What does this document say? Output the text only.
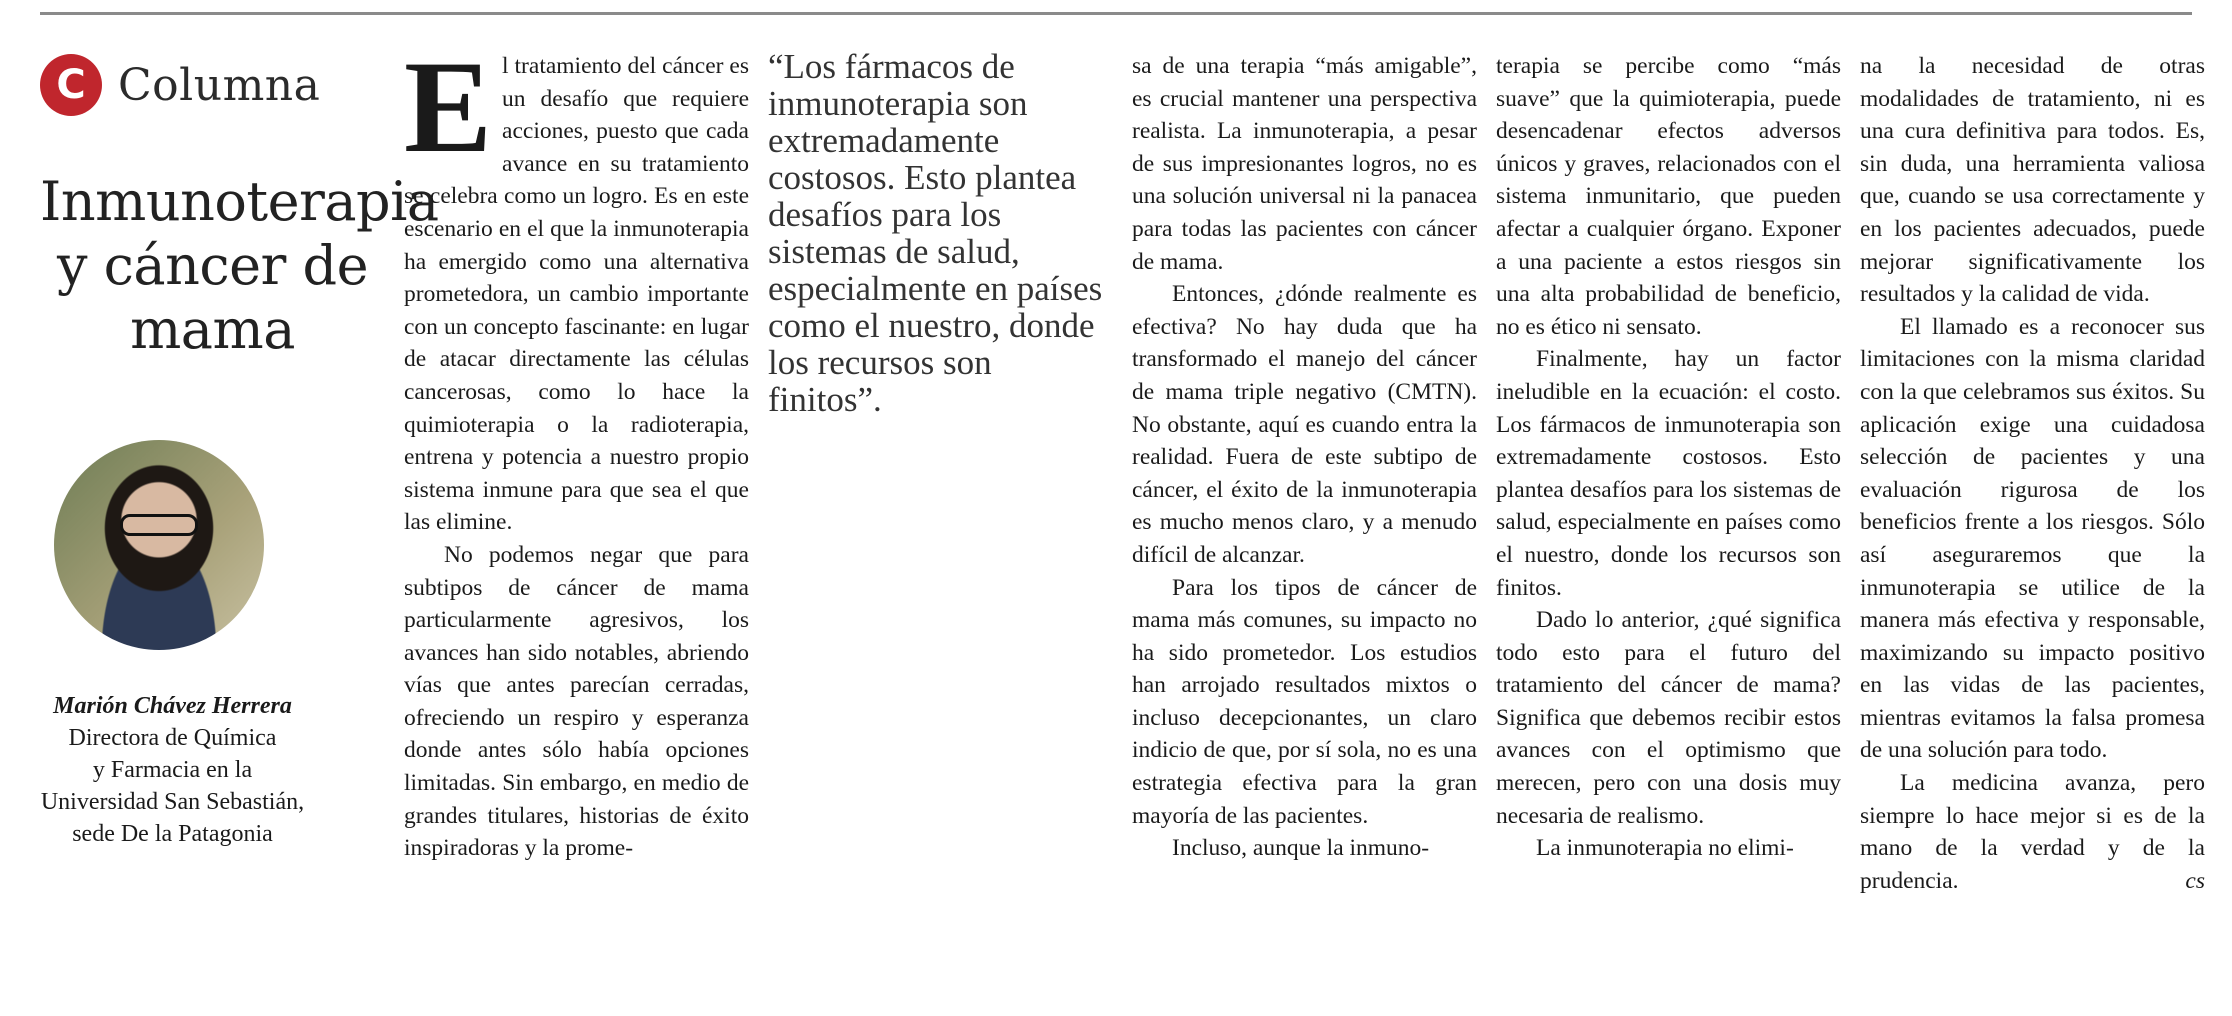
C Columna
Inmunoterapia y cáncer de mama
Marión Chávez Herrera
Directora de Química
y Farmacia en la
Universidad San Sebastián,
sede De la Patagonia

El tratamiento del cáncer es un desafío que requiere acciones, puesto que cada avance en su tratamiento se celebra como un logro. Es en este escenario en el que la inmunoterapia ha emergido como una alternativa prometedora, un cambio importante con un concepto fascinante: en lugar de atacar directamente las células cancerosas, como lo hace la quimioterapia o la radioterapia, entrena y potencia a nuestro propio sistema inmune para que sea el que las elimine.

No podemos negar que para subtipos de cáncer de mama particularmente agresivos, los avances han sido notables, abriendo vías que antes parecían cerradas, ofreciendo un respiro y esperanza donde antes sólo había opciones limitadas. Sin embargo, en medio de grandes titulares, historias de éxito inspiradoras y la prome-

“Los fármacos de inmunoterapia son extremadamente costosos. Esto plantea desafíos para los sistemas de salud, especialmente en países como el nuestro, donde los recursos son finitos”.

sa de una terapia “más amigable”, es crucial mantener una perspectiva realista. La inmunoterapia, a pesar de sus impresionantes logros, no es una solución universal ni la panacea para todas las pacientes con cáncer de mama.

Entonces, ¿dónde realmente es efectiva? No hay duda que ha transformado el manejo del cáncer de mama triple negativo (CMTN). No obstante, aquí es cuando entra la realidad. Fuera de este subtipo de cáncer, el éxito de la inmunoterapia es mucho menos claro, y a menudo difícil de alcanzar.

Para los tipos de cáncer de mama más comunes, su impacto no ha sido prometedor. Los estudios han arrojado resultados mixtos o incluso decepcionantes, un claro indicio de que, por sí sola, no es una estrategia efectiva para la gran mayoría de las pacientes.

Incluso, aunque la inmuno-

terapia se percibe como “más suave” que la quimioterapia, puede desencadenar efectos adversos únicos y graves, relacionados con el sistema inmunitario, que pueden afectar a cualquier órgano. Exponer a una paciente a estos riesgos sin una alta probabilidad de beneficio, no es ético ni sensato.

Finalmente, hay un factor ineludible en la ecuación: el costo. Los fármacos de inmunoterapia son extremadamente costosos. Esto plantea desafíos para los sistemas de salud, especialmente en países como el nuestro, donde los recursos son finitos.

Dado lo anterior, ¿qué significa todo esto para el futuro del tratamiento del cáncer de mama? Significa que debemos recibir estos avances con el optimismo que merecen, pero con una dosis muy necesaria de realismo.

La inmunoterapia no elimi-

na la necesidad de otras modalidades de tratamiento, ni es una cura definitiva para todos. Es, sin duda, una herramienta valiosa que, cuando se usa correctamente y en los pacientes adecuados, puede mejorar significativamente los resultados y la calidad de vida.

El llamado es a reconocer sus limitaciones con la misma claridad con la que celebramos sus éxitos. Su aplicación exige una cuidadosa selección de pacientes y una evaluación rigurosa de los beneficios frente a los riesgos. Sólo así aseguraremos que la inmunoterapia se utilice de la manera más efectiva y responsable, maximizando su impacto positivo en las vidas de las pacientes, mientras evitamos la falsa promesa de una solución para todo.

La medicina avanza, pero siempre lo hace mejor si es de la mano de la verdad y de la prudencia.	cs
